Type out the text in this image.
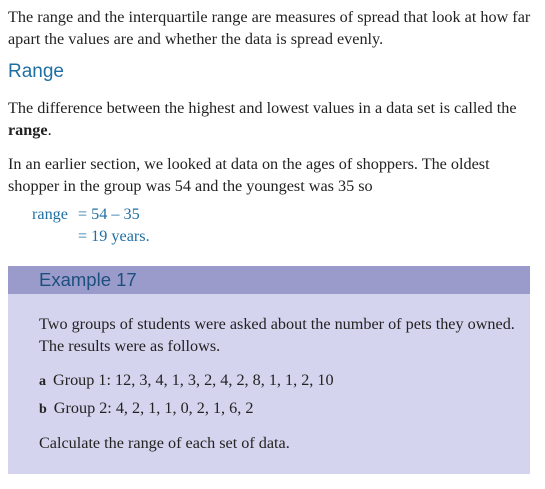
The range and the interquartile range are measures of spread that look at how far apart the values are and whether the data is spread evenly.

Range

The difference between the highest and lowest values in a data set is called the range.

In an earlier section, we looked at data on the ages of shoppers. The oldest shopper in the group was 54 and the youngest was 35 so

range = 54 – 35
= 19 years.
Example 17

Two groups of students were asked about the number of pets they owned. The results were as follows.

a Group 1: 12, 3, 4, 1, 3, 2, 4, 2, 8, 1, 1, 2, 10
b Group 2: 4, 2, 1, 1, 0, 2, 1, 6, 2

Calculate the range of each set of data.
